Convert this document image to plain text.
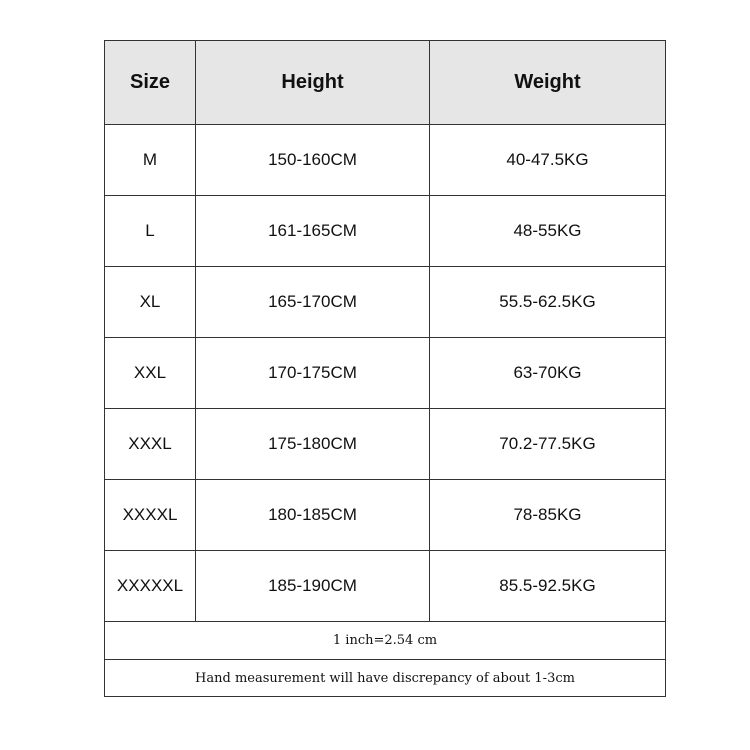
Size	Height	Weight
M	150-160CM	40-47.5KG
L	161-165CM	48-55KG
XL	165-170CM	55.5-62.5KG
XXL	170-175CM	63-70KG
XXXL	175-180CM	70.2-77.5KG
XXXXL	180-185CM	78-85KG
XXXXXL	185-190CM	85.5-92.5KG
1 inch=2.54 cm		
Hand measurement will have discrepancy of about 1-3cm		
